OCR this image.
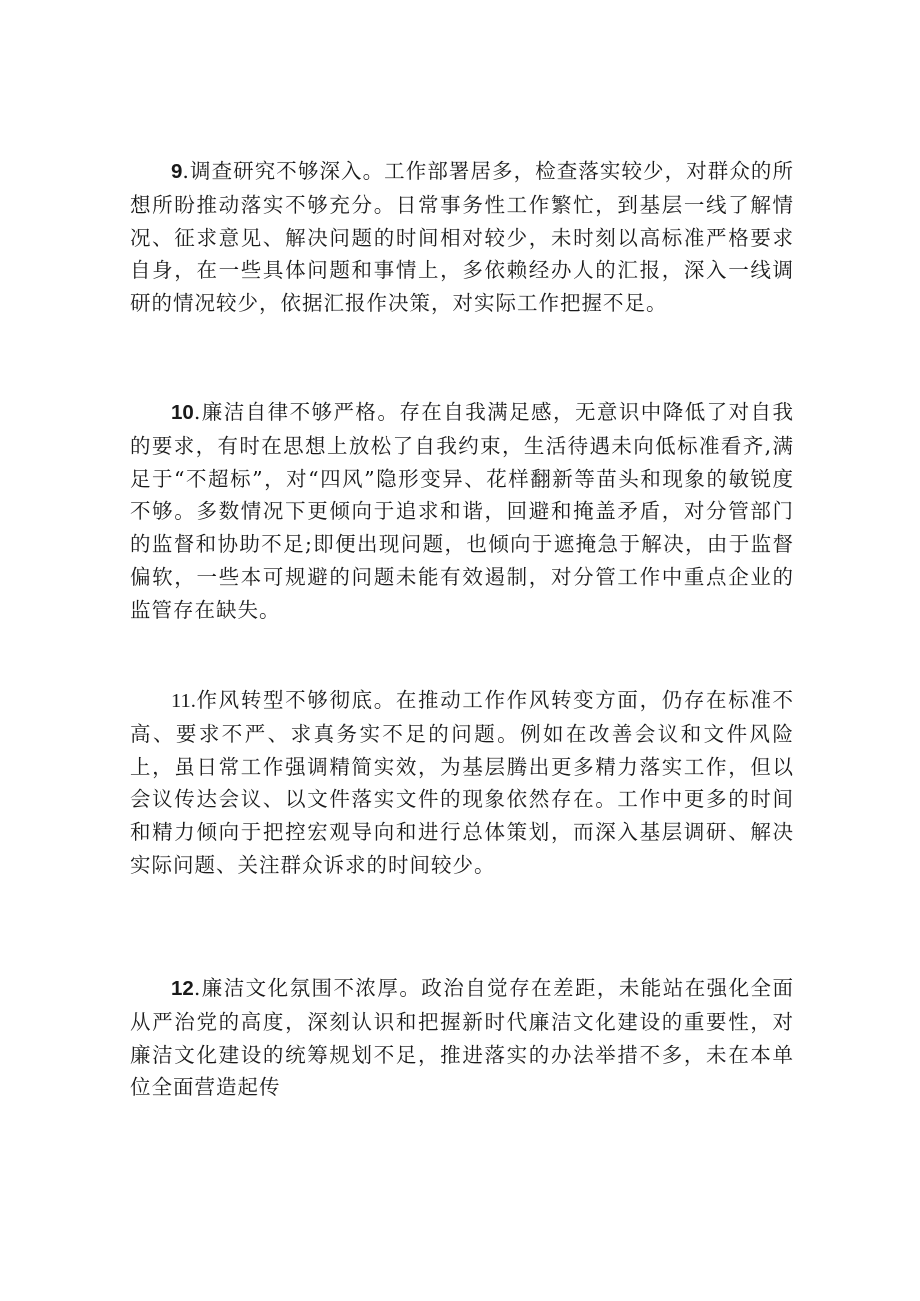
9.调查研究不够深入。工作部署居多，检查落实较少，对群众的所想所盼推动落实不够充分。日常事务性工作繁忙，到基层一线了解情况、征求意见、解决问题的时间相对较少，未时刻以高标准严格要求自身，在一些具体问题和事情上，多依赖经办人的汇报，深入一线调研的情况较少，依据汇报作决策，对实际工作把握不足。

10.廉洁自律不够严格。存在自我满足感，无意识中降低了对自我的要求，有时在思想上放松了自我约束，生活待遇未向低标准看齐,满足于“不超标”，对“四风”隐形变异、花样翻新等苗头和现象的敏锐度不够。多数情况下更倾向于追求和谐，回避和掩盖矛盾，对分管部门的监督和协助不足;即便出现问题，也倾向于遮掩急于解决，由于监督偏软，一些本可规避的问题未能有效遏制，对分管工作中重点企业的监管存在缺失。

11.作风转型不够彻底。在推动工作作风转变方面，仍存在标准不高、要求不严、求真务实不足的问题。例如在改善会议和文件风险上，虽日常工作强调精简实效，为基层腾出更多精力落实工作，但以会议传达会议、以文件落实文件的现象依然存在。工作中更多的时间和精力倾向于把控宏观导向和进行总体策划，而深入基层调研、解决实际问题、关注群众诉求的时间较少。

12.廉洁文化氛围不浓厚。政治自觉存在差距，未能站在强化全面从严治党的高度，深刻认识和把握新时代廉洁文化建设的重要性，对廉洁文化建设的统筹规划不足，推进落实的办法举措不多，未在本单位全面营造起传
